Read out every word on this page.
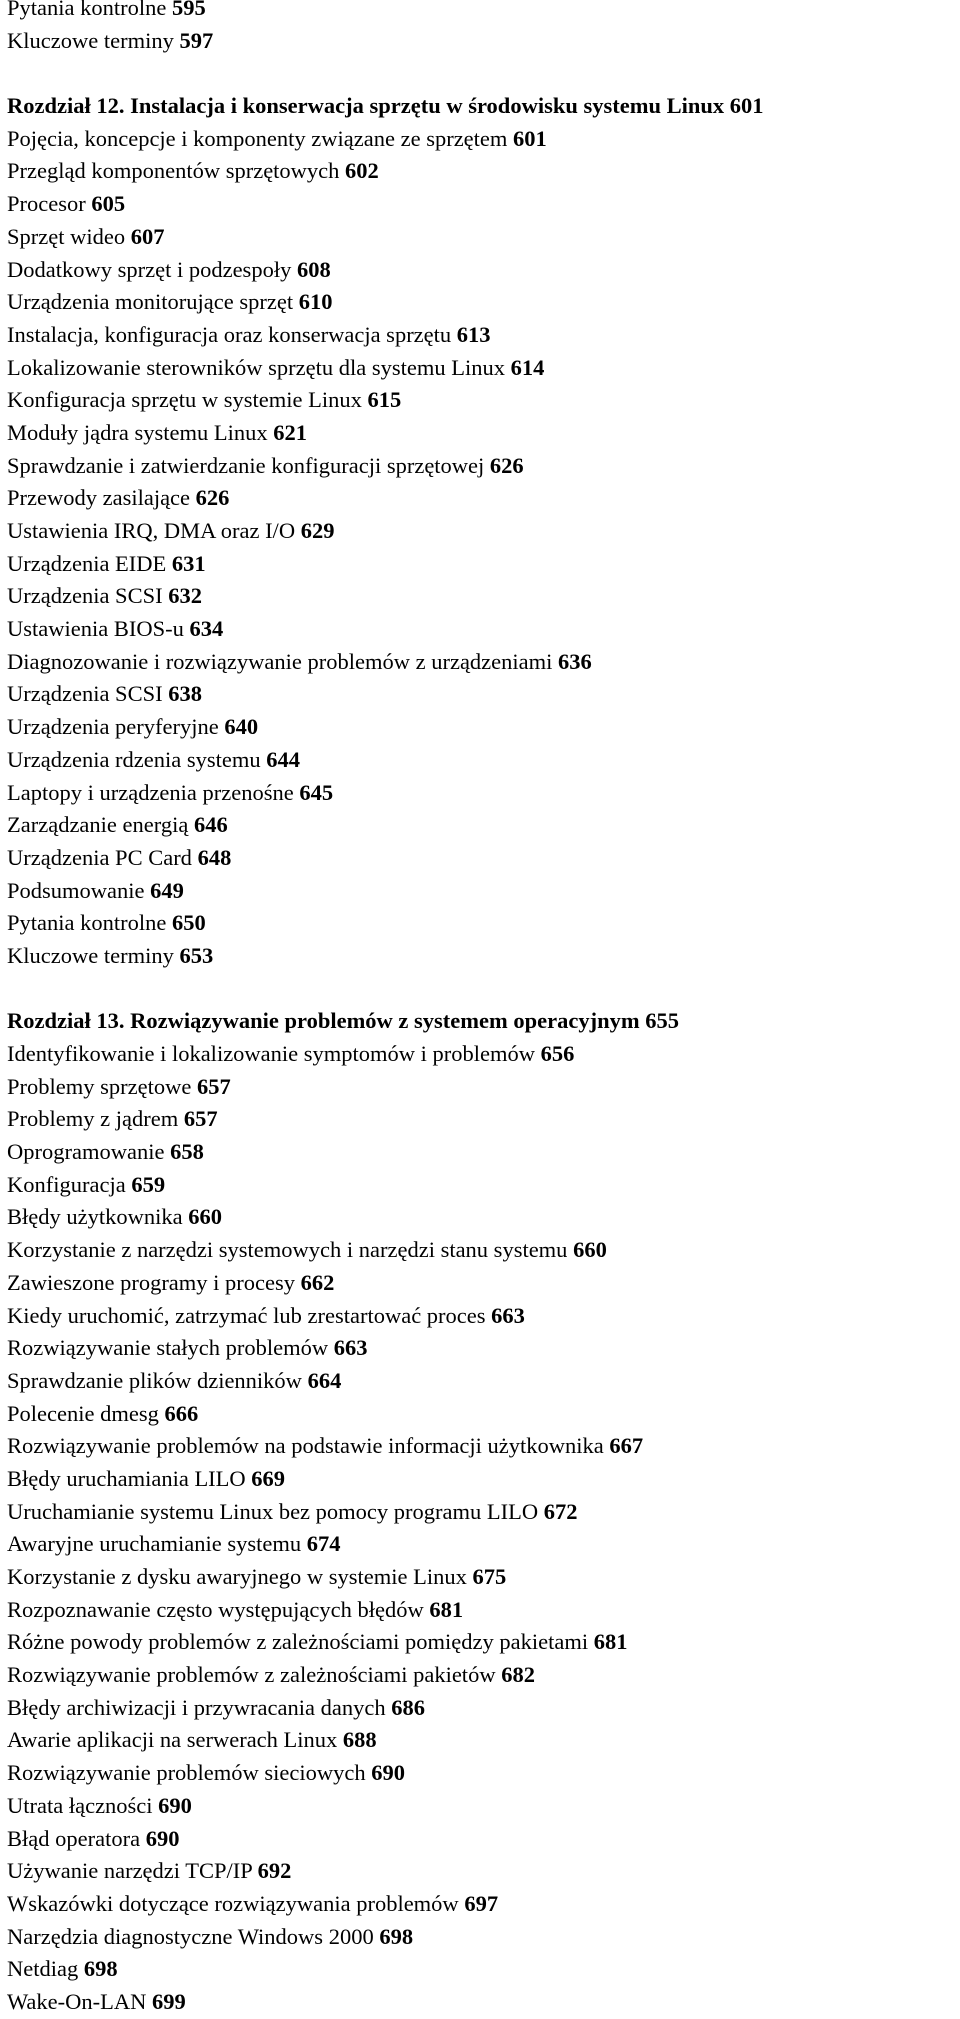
Pytania kontrolne 595
Kluczowe terminy 597
Rozdział 12. Instalacja i konserwacja sprzętu w środowisku systemu Linux 601
Pojęcia, koncepcje i komponenty związane ze sprzętem 601
Przegląd komponentów sprzętowych 602
Procesor 605
Sprzęt wideo 607
Dodatkowy sprzęt i podzespoły 608
Urządzenia monitorujące sprzęt 610
Instalacja, konfiguracja oraz konserwacja sprzętu 613
Lokalizowanie sterowników sprzętu dla systemu Linux 614
Konfiguracja sprzętu w systemie Linux 615
Moduły jądra systemu Linux 621
Sprawdzanie i zatwierdzanie konfiguracji sprzętowej 626
Przewody zasilające 626
Ustawienia IRQ, DMA oraz I/O 629
Urządzenia EIDE 631
Urządzenia SCSI 632
Ustawienia BIOS-u 634
Diagnozowanie i rozwiązywanie problemów z urządzeniami 636
Urządzenia SCSI 638
Urządzenia peryferyjne 640
Urządzenia rdzenia systemu 644
Laptopy i urządzenia przenośne 645
Zarządzanie energią 646
Urządzenia PC Card 648
Podsumowanie 649
Pytania kontrolne 650
Kluczowe terminy 653
Rozdział 13. Rozwiązywanie problemów z systemem operacyjnym 655
Identyfikowanie i lokalizowanie symptomów i problemów 656
Problemy sprzętowe 657
Problemy z jądrem 657
Oprogramowanie 658
Konfiguracja 659
Błędy użytkownika 660
Korzystanie z narzędzi systemowych i narzędzi stanu systemu 660
Zawieszone programy i procesy 662
Kiedy uruchomić, zatrzymać lub zrestartować proces 663
Rozwiązywanie stałych problemów 663
Sprawdzanie plików dzienników 664
Polecenie dmesg 666
Rozwiązywanie problemów na podstawie informacji użytkownika 667
Błędy uruchamiania LILO 669
Uruchamianie systemu Linux bez pomocy programu LILO 672
Awaryjne uruchamianie systemu 674
Korzystanie z dysku awaryjnego w systemie Linux 675
Rozpoznawanie często występujących błędów 681
Różne powody problemów z zależnościami pomiędzy pakietami 681
Rozwiązywanie problemów z zależnościami pakietów 682
Błędy archiwizacji i przywracania danych 686
Awarie aplikacji na serwerach Linux 688
Rozwiązywanie problemów sieciowych 690
Utrata łączności 690
Błąd operatora 690
Używanie narzędzi TCP/IP 692
Wskazówki dotyczące rozwiązywania problemów 697
Narzędzia diagnostyczne Windows 2000 698
Netdiag 698
Wake-On-LAN 699
